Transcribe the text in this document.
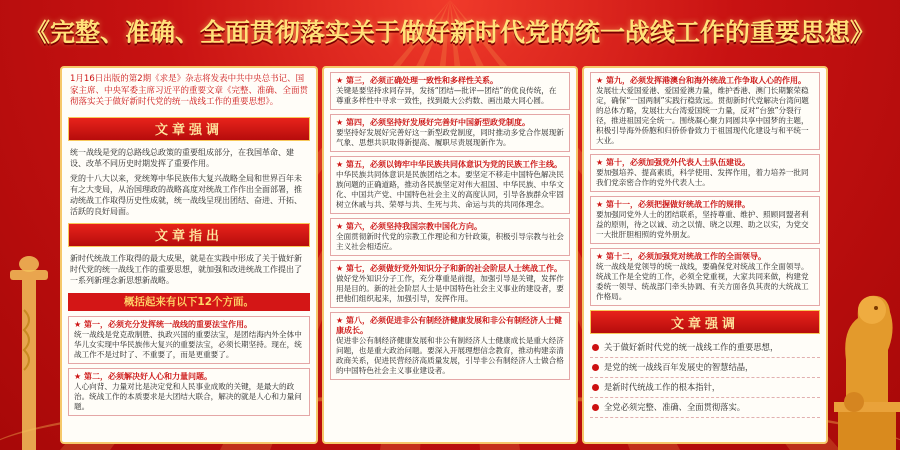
《完整、准确、全面贯彻落实关于做好新时代党的统一战线工作的重要思想》
1月16日出版的第2期《求是》杂志将发表中共中央总书记、国家主席、中央军委主席习近平的重要文章《完整、准确、全面贯彻落实关于做好新时代党的统一战线工作的重要思想》。
文章强调
统一战线是党的总路线总政策的重要组成部分，在我国革命、建设、改革不同历史时期发挥了重要作用。
党的十八大以来，党统筹中华民族伟大复兴战略全局和世界百年未有之大变局，从治国理政的战略高度对统战工作作出全面部署，推动统战工作取得历史性成就，统一战线呈现出团结、奋进、开拓、活跃的良好局面。
文章指出
新时代统战工作取得的最大成果，就是在实践中形成了关于做好新时代党的统一战线工作的重要思想，就加强和改进统战工作提出了一系列新理念新思想新战略。
概括起来有以下12个方面。
★ 第一，必须充分发挥统一战线的重要法宝作用。
统一战线是党克敌制胜、执政兴国的重要法宝，是团结海内外全体中华儿女实现中华民族伟大复兴的重要法宝，必须长期坚持。现在，统战工作不是过时了、不重要了，而是更重要了。
★ 第二，必须解决好人心和力量问题。
人心向背、力量对比是决定党和人民事业成败的关键，是最大的政治。统战工作的本质要求是大团结大联合，解决的就是人心和力量问题。
★ 第三，必须正确处理一致性和多样性关系。
关键是要坚持求同存异，发扬“团结—批评—团结”的优良传统，在尊重多样性中寻求一致性，找到最大公约数、画出最大同心圆。
★ 第四，必须坚持好发展好完善好中国新型政党制度。
要坚持好发展好完善好这一新型政党制度，同时推动多党合作展现新气象、思想共识取得新提高、履职尽责展现新作为。
★ 第五，必须以铸牢中华民族共同体意识为党的民族工作主线。
中华民族共同体意识是民族团结之本。要坚定不移走中国特色解决民族问题的正确道路，推动各民族坚定对伟大祖国、中华民族、中华文化、中国共产党、中国特色社会主义的高度认同，引导各族群众牢固树立休戚与共、荣辱与共、生死与共、命运与共的共同体理念。
★ 第六，必须坚持我国宗教中国化方向。
全面贯彻新时代党的宗教工作理论和方针政策，积极引导宗教与社会主义社会相适应。
★ 第七，必须做好党外知识分子和新的社会阶层人士统战工作。
做好党外知识分子工作，充分尊重是前提，加强引导是关键，发挥作用是目的。新的社会阶层人士是中国特色社会主义事业的建设者，要把他们组织起来，加强引导，发挥作用。
★ 第八，必须促进非公有制经济健康发展和非公有制经济人士健康成长。
促进非公有制经济健康发展和非公有制经济人士健康成长是重大经济问题，也是重大政治问题。要深入开展理想信念教育，推动构建亲清政商关系，促进民营经济高质量发展，引导非公有制经济人士做合格的中国特色社会主义事业建设者。
★ 第九，必须发挥港澳台和海外统战工作争取人心的作用。
发展壮大爱国爱港、爱国爱澳力量，维护香港、澳门长期繁荣稳定，确保“一国两制”实践行稳致远。贯彻新时代党解决台湾问题的总体方略，发展壮大台湾爱国统一力量，反对“台独”分裂行径，推进祖国完全统一。围绕凝心聚力同圆共享中国梦的主题，积极引导海外侨胞和归侨侨眷致力于祖国现代化建设与和平统一大业。
★ 第十，必须加强党外代表人士队伍建设。
要加强培养、提高素质，科学使用、发挥作用，着力培养一批同我们党亲密合作的党外代表人士。
★ 第十一，必须把握做好统战工作的规律。
要加强同党外人士的团结联系，坚持尊重、维护、照顾同盟者利益的原则，待之以诚、动之以情、晓之以理、助之以实，为党交一大批肝胆相照的党外朋友。
★ 第十二，必须加强党对统战工作的全面领导。
统一战线是党领导的统一战线，要确保党对统战工作全面领导。统战工作是全党的工作，必须全党重视，大家共同来做，构建党委统一领导、统战部门牵头协调、有关方面各负其责的大统战工作格局。
文章强调
关于做好新时代党的统一战线工作的重要思想，
是党的统一战线百年发展史的智慧结晶，
是新时代统战工作的根本指针，
全党必须完整、准确、全面贯彻落实。
